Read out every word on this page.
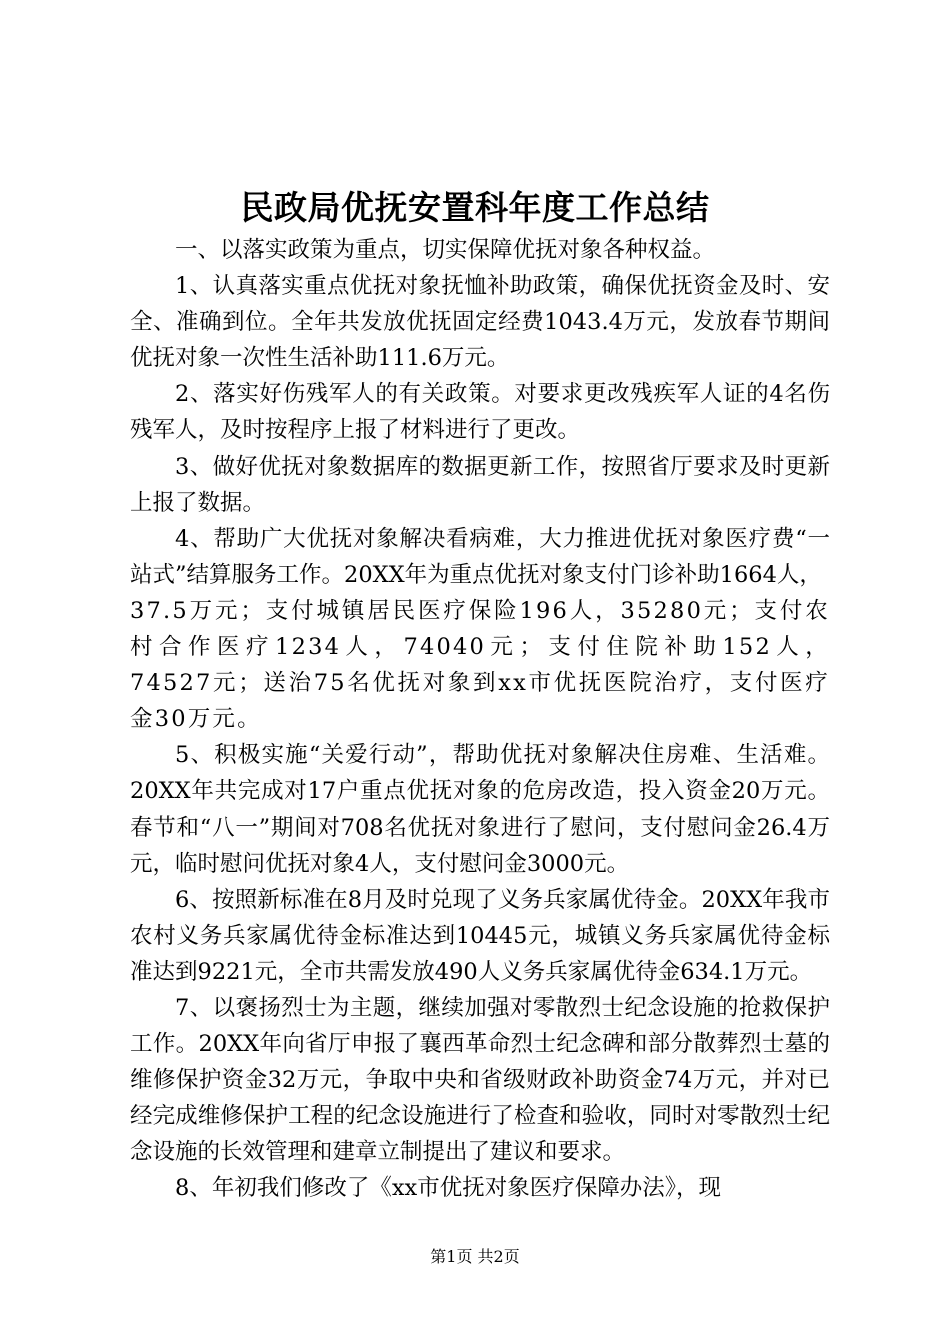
民政局优抚安置科年度工作总结

一、以落实政策为重点，切实保障优抚对象各种权益。

1、认真落实重点优抚对象抚恤补助政策，确保优抚资金及时、安全、准确到位。全年共发放优抚固定经费1043.4万元，发放春节期间优抚对象一次性生活补助111.6万元。

2、落实好伤残军人的有关政策。对要求更改残疾军人证的4名伤残军人，及时按程序上报了材料进行了更改。

3、做好优抚对象数据库的数据更新工作，按照省厅要求及时更新上报了数据。

4、帮助广大优抚对象解决看病难，大力推进优抚对象医疗费“一站式”结算服务工作。20XX年为重点优抚对象支付门诊补助1664人，

37.5万元；支付城镇居民医疗保险196人，35280元；支付农村合作医疗1234人，74040元；支付住院补助152人，74527元；送治75名优抚对象到xx市优抚医院治疗，支付医疗金30万元。

5、积极实施“关爱行动”，帮助优抚对象解决住房难、生活难。20XX年共完成对17户重点优抚对象的危房改造，投入资金20万元。春节和“八一”期间对708名优抚对象进行了慰问，支付慰问金26.4万元，临时慰问优抚对象4人，支付慰问金3000元。

6、按照新标准在8月及时兑现了义务兵家属优待金。20XX年我市农村义务兵家属优待金标准达到10445元，城镇义务兵家属优待金标准达到9221元，全市共需发放490人义务兵家属优待金634.1万元。

7、以褒扬烈士为主题，继续加强对零散烈士纪念设施的抢救保护工作。20XX年向省厅申报了襄西革命烈士纪念碑和部分散葬烈士墓的维修保护资金32万元，争取中央和省级财政补助资金74万元，并对已经完成维修保护工程的纪念设施进行了检查和验收，同时对零散烈士纪念设施的长效管理和建章立制提出了建议和要求。

8、年初我们修改了《xx市优抚对象医疗保障办法》，现

第1页 共2页
